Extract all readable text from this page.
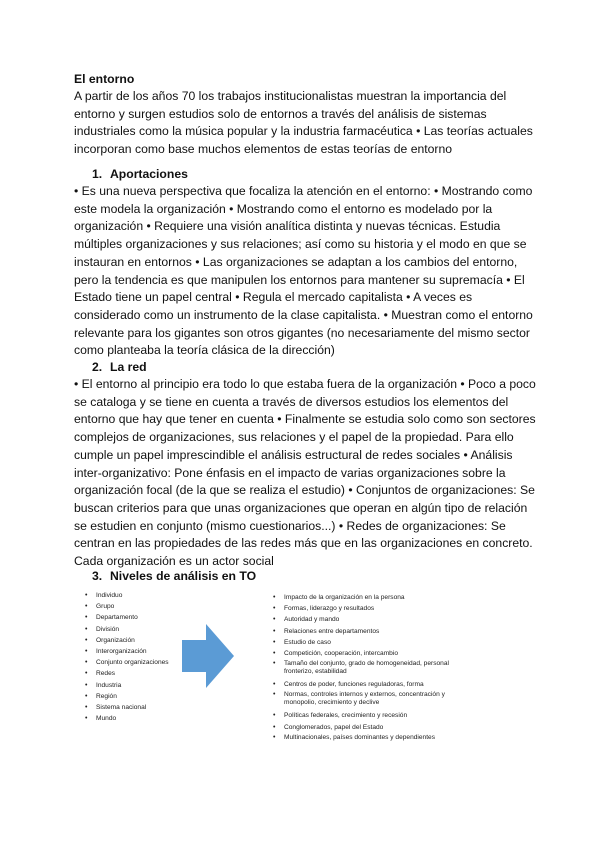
El entorno
A partir de los años 70 los trabajos institucionalistas muestran la importancia del entorno y surgen estudios solo de entornos a través del análisis de sistemas industriales como la música popular y la industria farmacéutica • Las teorías actuales incorporan como base muchos elementos de estas teorías de entorno
1. Aportaciones
• Es una nueva perspectiva que focaliza la atención en el entorno: • Mostrando como este modela la organización • Mostrando como el entorno es modelado por la organización • Requiere una visión analítica distinta y nuevas técnicas. Estudia múltiples organizaciones y sus relaciones; así como su historia y el modo en que se instauran en entornos • Las organizaciones se adaptan a los cambios del entorno, pero la tendencia es que manipulen los entornos para mantener su supremacía • El Estado tiene un papel central • Regula el mercado capitalista • A veces es considerado como un instrumento de la clase capitalista. • Muestran como el entorno relevante para los gigantes son otros gigantes (no necesariamente del mismo sector como planteaba la teoría clásica de la dirección)
2. La red
• El entorno al principio era todo lo que estaba fuera de la organización • Poco a poco se cataloga y se tiene en cuenta a través de diversos estudios los elementos del entorno que hay que tener en cuenta • Finalmente se estudia solo como son sectores complejos de organizaciones, sus relaciones y el papel de la propiedad. Para ello cumple un papel imprescindible el análisis estructural de redes sociales • Análisis inter-organizativo: Pone énfasis en el impacto de varias organizaciones sobre la organización focal (de la que se realiza el estudio) • Conjuntos de organizaciones: Se buscan criterios para que unas organizaciones que operan en algún tipo de relación se estudien en conjunto (mismo cuestionarios...) • Redes de organizaciones: Se centran en las propiedades de las redes más que en las organizaciones en concreto. Cada organización es un actor social
3. Niveles de análisis en TO
• Individuo
• Grupo
• Departamento
• División
• Organización
• Interorganización
• Conjunto organizaciones
• Redes
• Industria
• Región
• Sistema nacional
• Mundo
• Impacto de la organización en la persona
• Formas, liderazgo y resultados
• Autoridad y mando
• Relaciones entre departamentos
• Estudio de caso
• Competición, cooperación, intercambio
• Tamaño del conjunto, grado de homogeneidad, personal fronterizo, estabilidad
• Centros de poder, funciones reguladoras, forma
• Normas, controles internos y externos, concentración y monopolio, crecimiento y declive
• Políticas federales, crecimiento y recesión
• Conglomerados, papel del Estado
• Multinacionales, países dominantes y dependientes
